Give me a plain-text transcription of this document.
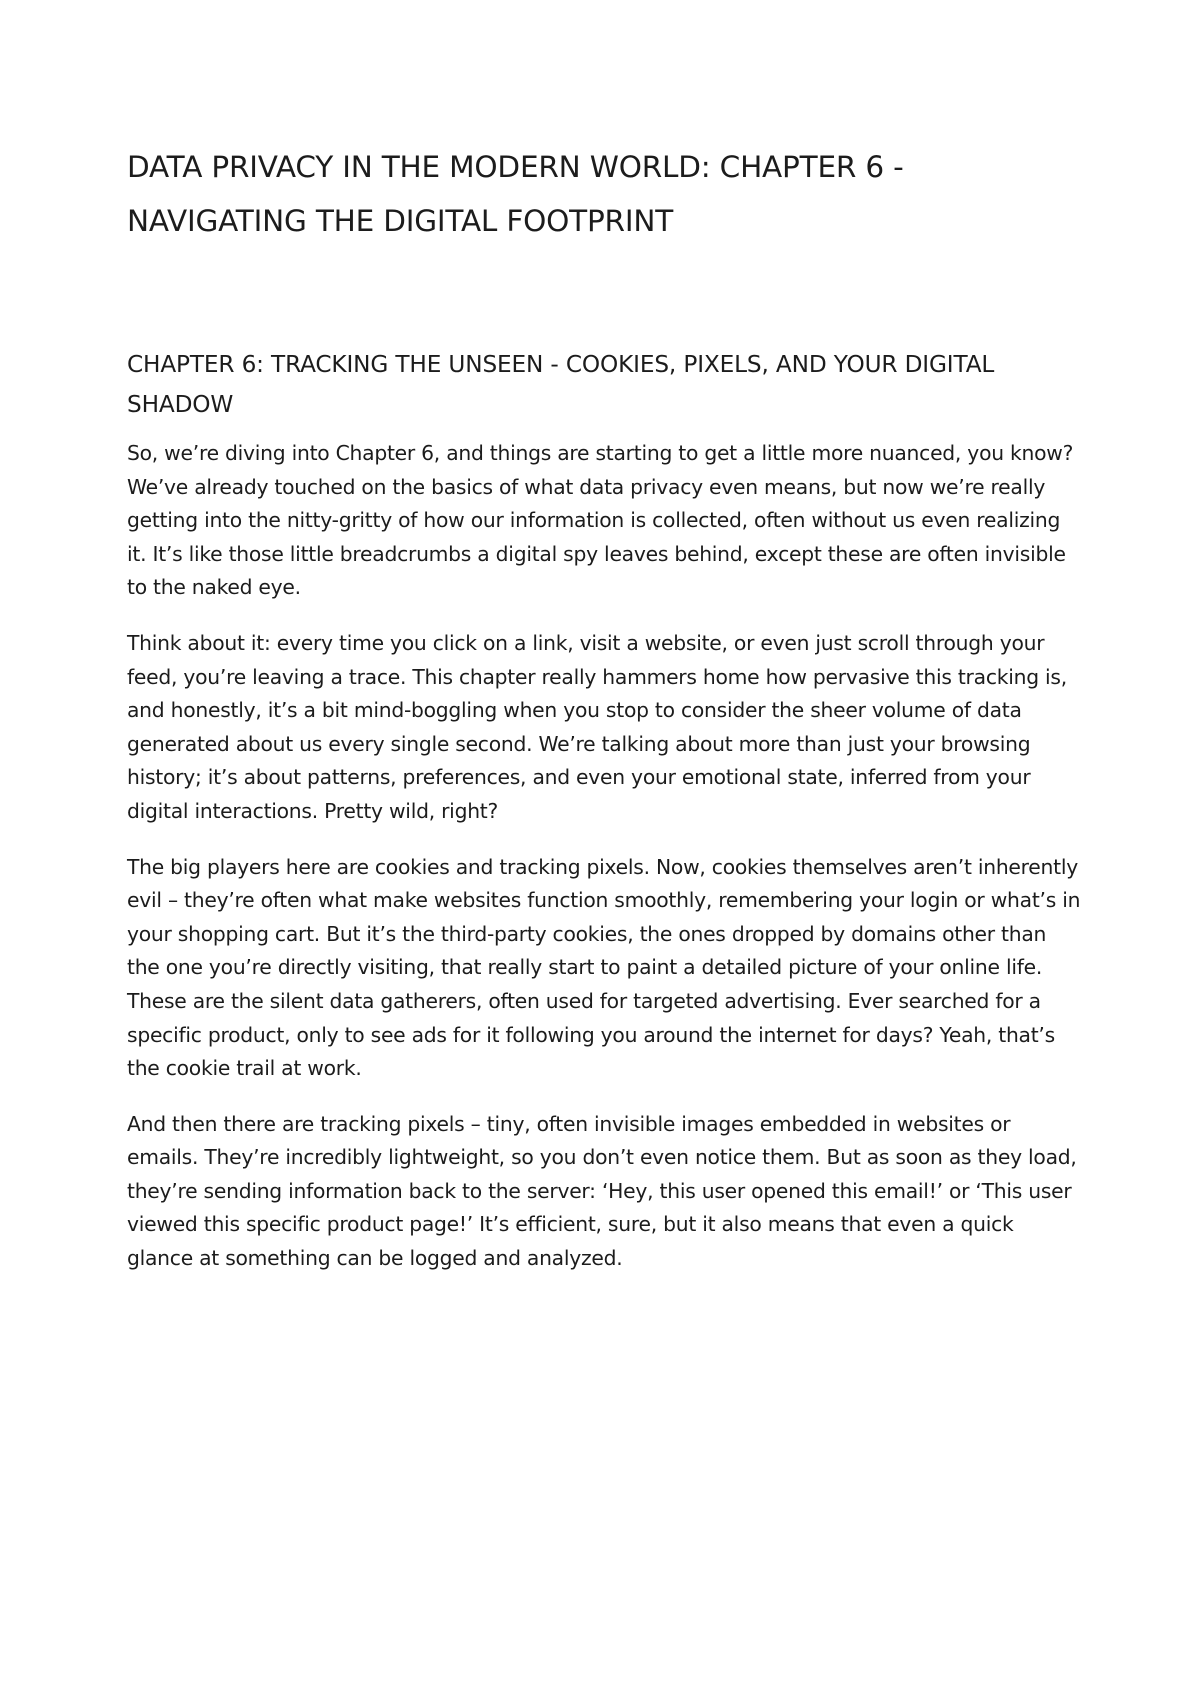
DATA PRIVACY IN THE MODERN WORLD: CHAPTER 6 - NAVIGATING THE DIGITAL FOOTPRINT
CHAPTER 6: TRACKING THE UNSEEN - COOKIES, PIXELS, AND YOUR DIGITAL SHADOW

So, we’re diving into Chapter 6, and things are starting to get a little more nuanced, you know? We’ve already touched on the basics of what data privacy even means, but now we’re really getting into the nitty-gritty of how our information is collected, often without us even realizing it. It’s like those little breadcrumbs a digital spy leaves behind, except these are often invisible to the naked eye.

Think about it: every time you click on a link, visit a website, or even just scroll through your feed, you’re leaving a trace. This chapter really hammers home how pervasive this tracking is, and honestly, it’s a bit mind-boggling when you stop to consider the sheer volume of data generated about us every single second. We’re talking about more than just your browsing history; it’s about patterns, preferences, and even your emotional state, inferred from your digital interactions. Pretty wild, right?

The big players here are cookies and tracking pixels. Now, cookies themselves aren’t inherently evil – they’re often what make websites function smoothly, remembering your login or what’s in your shopping cart. But it’s the third-party cookies, the ones dropped by domains other than the one you’re directly visiting, that really start to paint a detailed picture of your online life. These are the silent data gatherers, often used for targeted advertising. Ever searched for a specific product, only to see ads for it following you around the internet for days? Yeah, that’s the cookie trail at work.

And then there are tracking pixels – tiny, often invisible images embedded in websites or emails. They’re incredibly lightweight, so you don’t even notice them. But as soon as they load, they’re sending information back to the server: ‘Hey, this user opened this email!’ or ‘This user viewed this specific product page!’ It’s efficient, sure, but it also means that even a quick glance at something can be logged and analyzed.
